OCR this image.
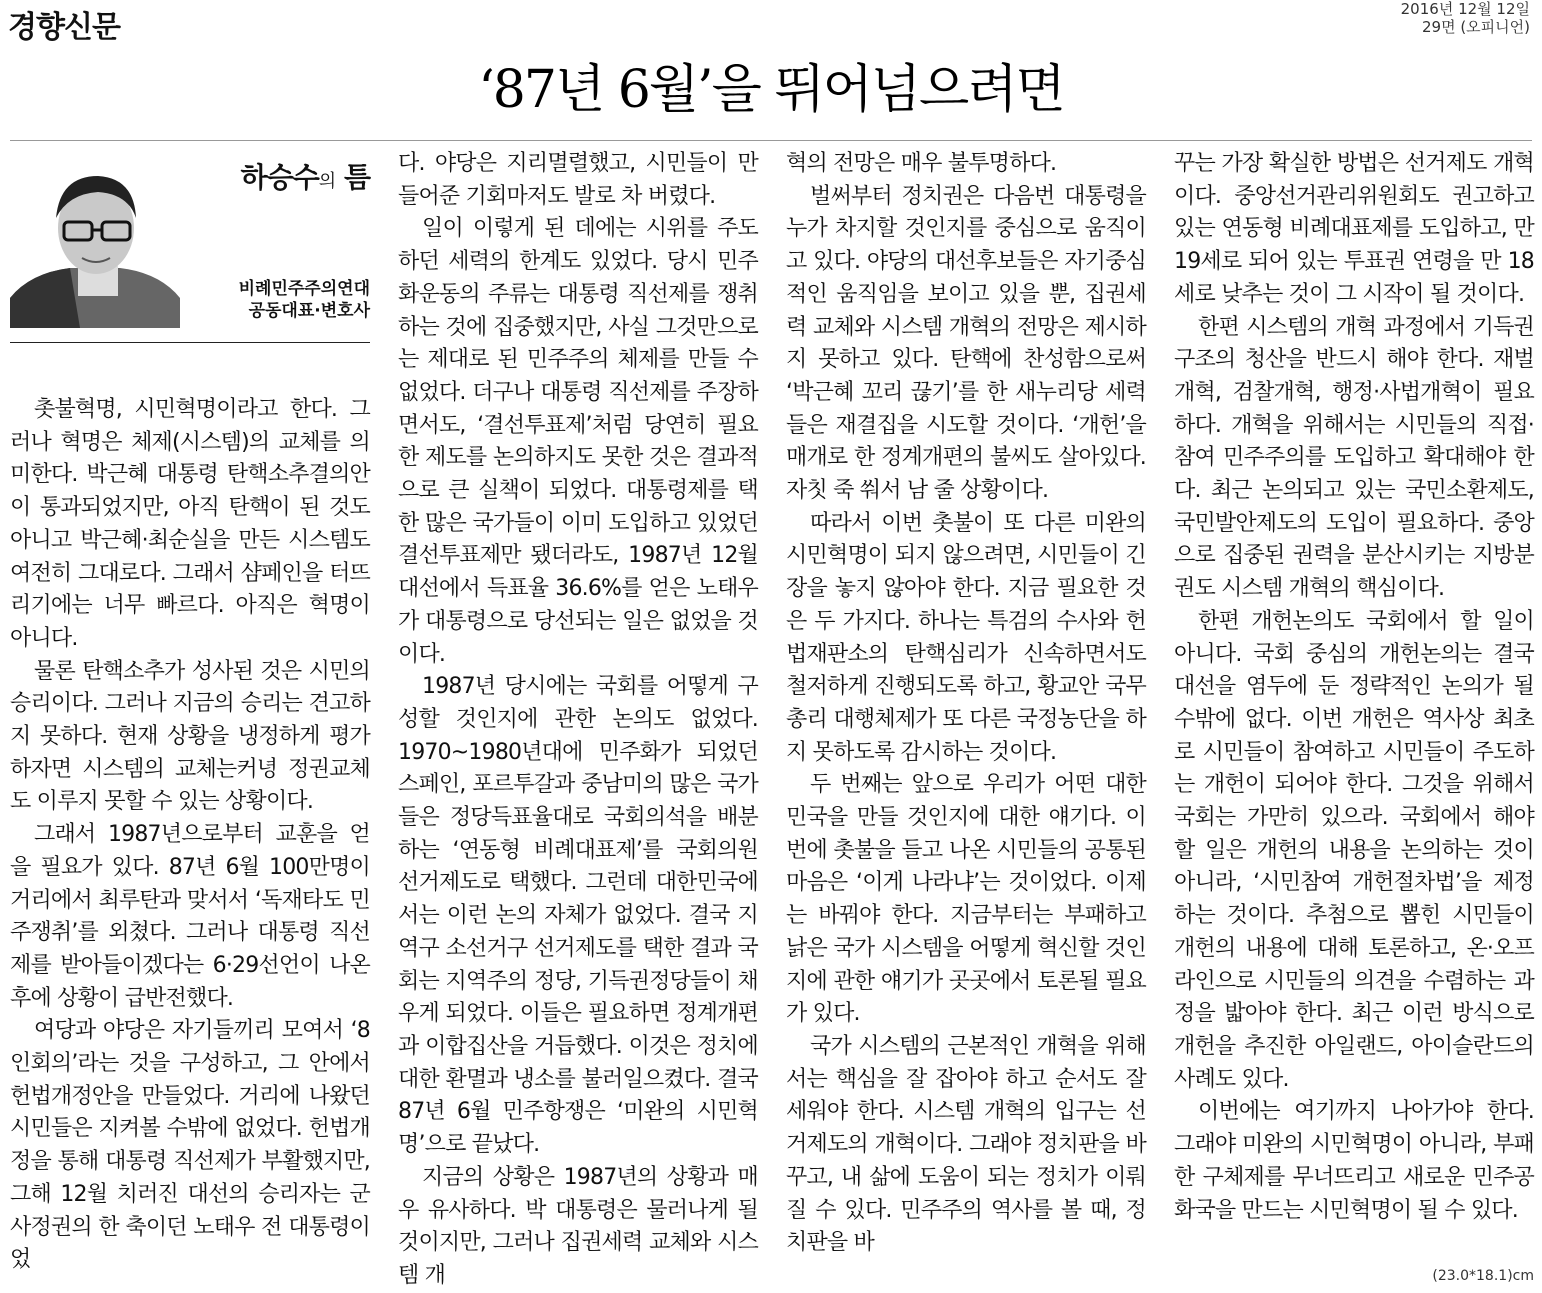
경향신문
2016년 12월 12일
29면 (오피니언)
‘87년 6월’을 뛰어넘으려면
하승수의 틈
비례민주주의연대
공동대표·변호사

촛불혁명, 시민혁명이라고 한다. 그러나 혁명은 체제(시스템)의 교체를 의미한다. 박근혜 대통령 탄핵소추결의안이 통과되었지만, 아직 탄핵이 된 것도 아니고 박근혜·최순실을 만든 시스템도 여전히 그대로다. 그래서 샴페인을 터뜨리기에는 너무 빠르다. 아직은 혁명이 아니다.

물론 탄핵소추가 성사된 것은 시민의 승리이다. 그러나 지금의 승리는 견고하지 못하다. 현재 상황을 냉정하게 평가하자면 시스템의 교체는커녕 정권교체도 이루지 못할 수 있는 상황이다.

그래서 1987년으로부터 교훈을 얻을 필요가 있다. 87년 6월 100만명이 거리에서 최루탄과 맞서서 ‘독재타도 민주쟁취’를 외쳤다. 그러나 대통령 직선제를 받아들이겠다는 6·29선언이 나온 후에 상황이 급반전했다.

여당과 야당은 자기들끼리 모여서 ‘8인회의’라는 것을 구성하고, 그 안에서 헌법개정안을 만들었다. 거리에 나왔던 시민들은 지켜볼 수밖에 없었다. 헌법개정을 통해 대통령 직선제가 부활했지만, 그해 12월 치러진 대선의 승리자는 군사정권의 한 축이던 노태우 전 대통령이었

다. 야당은 지리멸렬했고, 시민들이 만들어준 기회마저도 발로 차 버렸다.

일이 이렇게 된 데에는 시위를 주도하던 세력의 한계도 있었다. 당시 민주화운동의 주류는 대통령 직선제를 쟁취하는 것에 집중했지만, 사실 그것만으로는 제대로 된 민주주의 체제를 만들 수 없었다. 더구나 대통령 직선제를 주장하면서도, ‘결선투표제’처럼 당연히 필요한 제도를 논의하지도 못한 것은 결과적으로 큰 실책이 되었다. 대통령제를 택한 많은 국가들이 이미 도입하고 있었던 결선투표제만 됐더라도, 1987년 12월 대선에서 득표율 36.6%를 얻은 노태우가 대통령으로 당선되는 일은 없었을 것이다.

1987년 당시에는 국회를 어떻게 구성할 것인지에 관한 논의도 없었다. 1970~1980년대에 민주화가 되었던 스페인, 포르투갈과 중남미의 많은 국가들은 정당득표율대로 국회의석을 배분하는 ‘연동형 비례대표제’를 국회의원 선거제도로 택했다. 그런데 대한민국에서는 이런 논의 자체가 없었다. 결국 지역구 소선거구 선거제도를 택한 결과 국회는 지역주의 정당, 기득권정당들이 채우게 되었다. 이들은 필요하면 정계개편과 이합집산을 거듭했다. 이것은 정치에 대한 환멸과 냉소를 불러일으켰다. 결국 87년 6월 민주항쟁은 ‘미완의 시민혁명’으로 끝났다.

지금의 상황은 1987년의 상황과 매우 유사하다. 박 대통령은 물러나게 될 것이지만, 그러나 집권세력 교체와 시스템 개

혁의 전망은 매우 불투명하다.

벌써부터 정치권은 다음번 대통령을 누가 차지할 것인지를 중심으로 움직이고 있다. 야당의 대선후보들은 자기중심적인 움직임을 보이고 있을 뿐, 집권세력 교체와 시스템 개혁의 전망은 제시하지 못하고 있다. 탄핵에 찬성함으로써 ‘박근혜 꼬리 끊기’를 한 새누리당 세력들은 재결집을 시도할 것이다. ‘개헌’을 매개로 한 정계개편의 불씨도 살아있다. 자칫 죽 쒀서 남 줄 상황이다.

따라서 이번 촛불이 또 다른 미완의 시민혁명이 되지 않으려면, 시민들이 긴장을 놓지 않아야 한다. 지금 필요한 것은 두 가지다. 하나는 특검의 수사와 헌법재판소의 탄핵심리가 신속하면서도 철저하게 진행되도록 하고, 황교안 국무총리 대행체제가 또 다른 국정농단을 하지 못하도록 감시하는 것이다.

두 번째는 앞으로 우리가 어떤 대한민국을 만들 것인지에 대한 얘기다. 이번에 촛불을 들고 나온 시민들의 공통된 마음은 ‘이게 나라냐’는 것이었다. 이제는 바꿔야 한다. 지금부터는 부패하고 낡은 국가 시스템을 어떻게 혁신할 것인지에 관한 얘기가 곳곳에서 토론될 필요가 있다.

국가 시스템의 근본적인 개혁을 위해서는 핵심을 잘 잡아야 하고 순서도 잘 세워야 한다. 시스템 개혁의 입구는 선거제도의 개혁이다. 그래야 정치판을 바꾸고, 내 삶에 도움이 되는 정치가 이뤄질 수 있다. 민주주의 역사를 볼 때, 정치판을 바

꾸는 가장 확실한 방법은 선거제도 개혁이다. 중앙선거관리위원회도 권고하고 있는 연동형 비례대표제를 도입하고, 만 19세로 되어 있는 투표권 연령을 만 18세로 낮추는 것이 그 시작이 될 것이다.

한편 시스템의 개혁 과정에서 기득권 구조의 청산을 반드시 해야 한다. 재벌개혁, 검찰개혁, 행정·사법개혁이 필요하다. 개혁을 위해서는 시민들의 직접·참여 민주주의를 도입하고 확대해야 한다. 최근 논의되고 있는 국민소환제도, 국민발안제도의 도입이 필요하다. 중앙으로 집중된 권력을 분산시키는 지방분권도 시스템 개혁의 핵심이다.

한편 개헌논의도 국회에서 할 일이 아니다. 국회 중심의 개헌논의는 결국 대선을 염두에 둔 정략적인 논의가 될 수밖에 없다. 이번 개헌은 역사상 최초로 시민들이 참여하고 시민들이 주도하는 개헌이 되어야 한다. 그것을 위해서 국회는 가만히 있으라. 국회에서 해야 할 일은 개헌의 내용을 논의하는 것이 아니라, ‘시민참여 개헌절차법’을 제정하는 것이다. 추첨으로 뽑힌 시민들이 개헌의 내용에 대해 토론하고, 온·오프라인으로 시민들의 의견을 수렴하는 과정을 밟아야 한다. 최근 이런 방식으로 개헌을 추진한 아일랜드, 아이슬란드의 사례도 있다.

이번에는 여기까지 나아가야 한다. 그래야 미완의 시민혁명이 아니라, 부패한 구체제를 무너뜨리고 새로운 민주공화국을 만드는 시민혁명이 될 수 있다.

(23.0*18.1)cm
